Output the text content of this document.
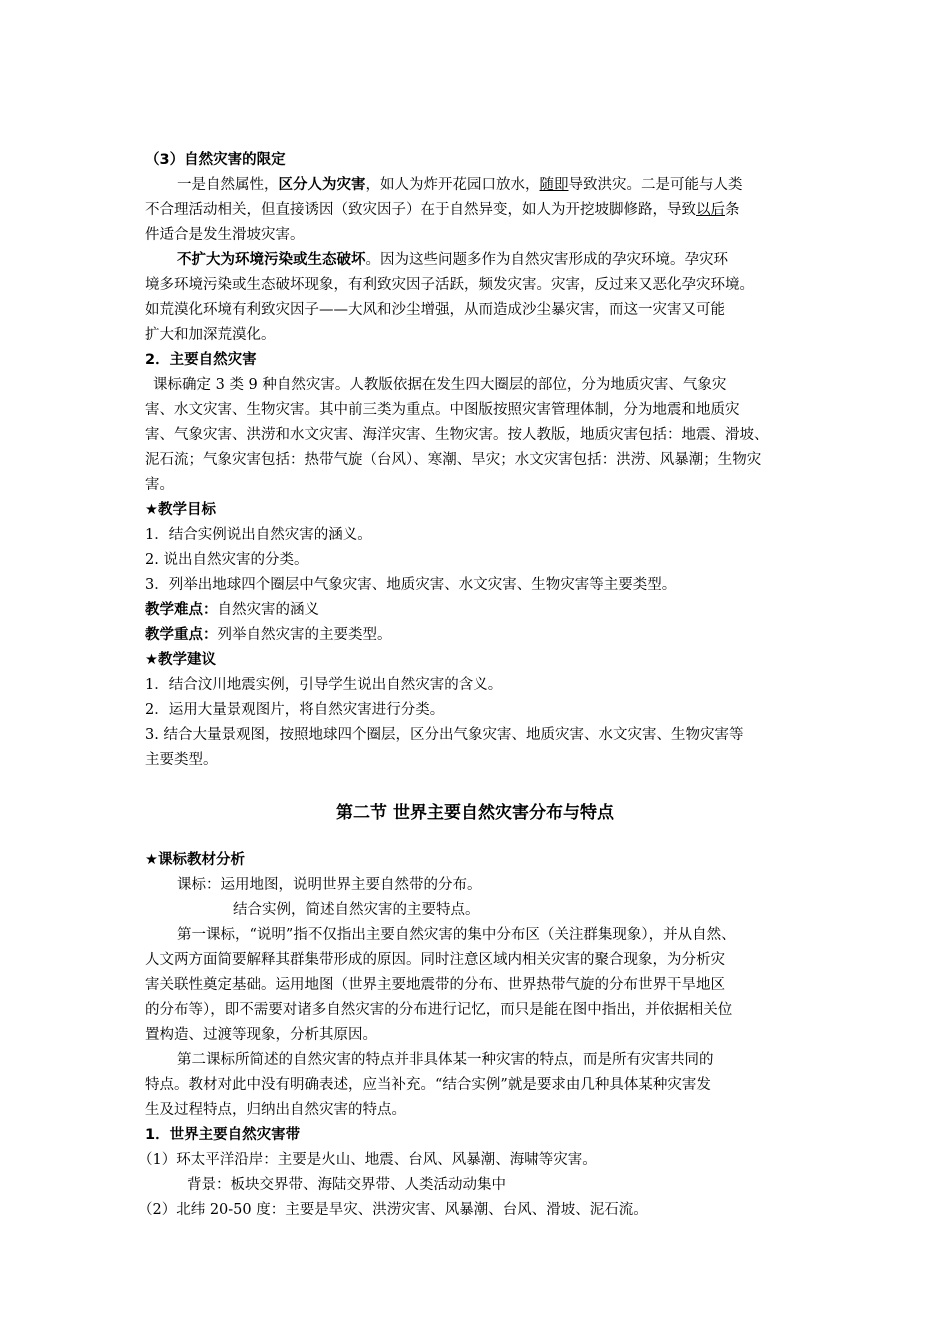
（3）自然灾害的限定
一是自然属性，区分人为灾害，如人为炸开花园口放水，随即导致洪灾。二是可能与人类
不合理活动相关，但直接诱因（致灾因子）在于自然异变，如人为开挖坡脚修路，导致以后条
件适合是发生滑坡灾害。
不扩大为环境污染或生态破坏。因为这些问题多作为自然灾害形成的孕灾环境。孕灾环
境多环境污染或生态破坏现象，有利致灾因子活跃，频发灾害。灾害，反过来又恶化孕灾环境。
如荒漠化环境有利致灾因子——大风和沙尘增强，从而造成沙尘暴灾害，而这一灾害又可能
扩大和加深荒漠化。
2．主要自然灾害
课标确定 3 类 9 种自然灾害。人教版依据在发生四大圈层的部位，分为地质灾害、气象灾
害、水文灾害、生物灾害。其中前三类为重点。中图版按照灾害管理体制，分为地震和地质灾
害、气象灾害、洪涝和水文灾害、海洋灾害、生物灾害。按人教版，地质灾害包括：地震、滑坡、
泥石流；气象灾害包括：热带气旋（台风）、寒潮、旱灾；水文灾害包括：洪涝、风暴潮；生物灾
害。
★教学目标
1．结合实例说出自然灾害的涵义。
2. 说出自然灾害的分类。
3．列举出地球四个圈层中气象灾害、地质灾害、水文灾害、生物灾害等主要类型。
教学难点：自然灾害的涵义
教学重点：列举自然灾害的主要类型。
★教学建议
1．结合汶川地震实例，引导学生说出自然灾害的含义。
2．运用大量景观图片，将自然灾害进行分类。
3. 结合大量景观图，按照地球四个圈层，区分出气象灾害、地质灾害、水文灾害、生物灾害等
主要类型。
第二节 世界主要自然灾害分布与特点
★课标教材分析
课标：运用地图，说明世界主要自然带的分布。
结合实例，简述自然灾害的主要特点。
第一课标，“说明”指不仅指出主要自然灾害的集中分布区（关注群集现象），并从自然、
人文两方面简要解释其群集带形成的原因。同时注意区域内相关灾害的聚合现象，为分析灾
害关联性奠定基础。运用地图（世界主要地震带的分布、世界热带气旋的分布世界干旱地区
的分布等），即不需要对诸多自然灾害的分布进行记忆，而只是能在图中指出，并依据相关位
置构造、过渡等现象，分析其原因。
第二课标所简述的自然灾害的特点并非具体某一种灾害的特点，而是所有灾害共同的
特点。教材对此中没有明确表述，应当补充。“结合实例”就是要求由几种具体某种灾害发
生及过程特点，归纳出自然灾害的特点。
1．世界主要自然灾害带
（1）环太平洋沿岸：主要是火山、地震、台风、风暴潮、海啸等灾害。
背景：板块交界带、海陆交界带、人类活动动集中
（2）北纬 20-50 度：主要是旱灾、洪涝灾害、风暴潮、台风、滑坡、泥石流。
